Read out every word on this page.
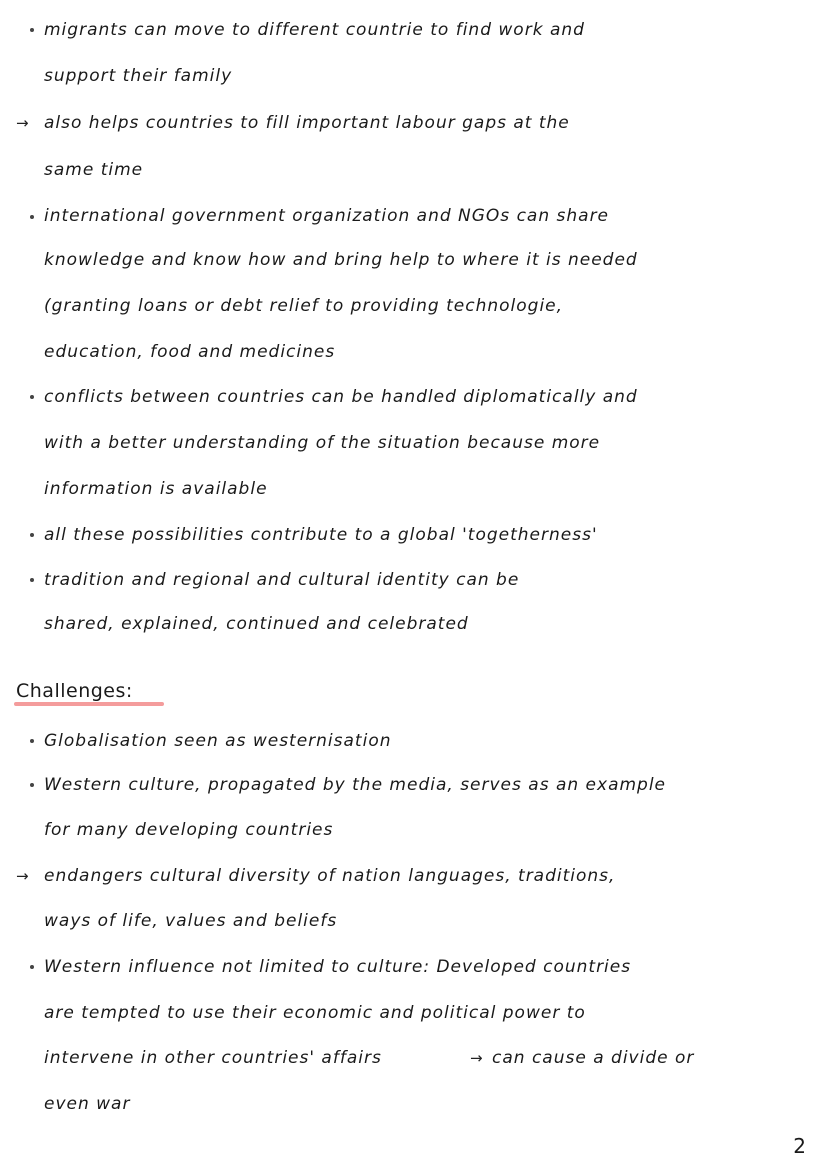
migrants can move to different countrie to find work and
support their family
→ also helps countries to fill important labour gaps at the
same time
international government organization and NGOs can share
knowledge and know how and bring help to where it is needed
(granting loans or debt relief to providing technologie,
education, food and medicines
conflicts between countries can be handled diplomatically and
with a better understanding of the situation because more
information is available
all these possibilities contribute to a global 'togetherness'
tradition and regional and cultural identity can be
shared, explained, continued and celebrated
Challenges:
Globalisation seen as westernisation
Western culture, propagated by the media, serves as an example
for many developing countries
→ endangers cultural diversity of nation languages, traditions,
ways of life, values and beliefs
Western influence not limited to culture: Developed countries
are tempted to use their economic and political power to
intervene in other countries' affairs	→ can cause a divide or
even war
2
